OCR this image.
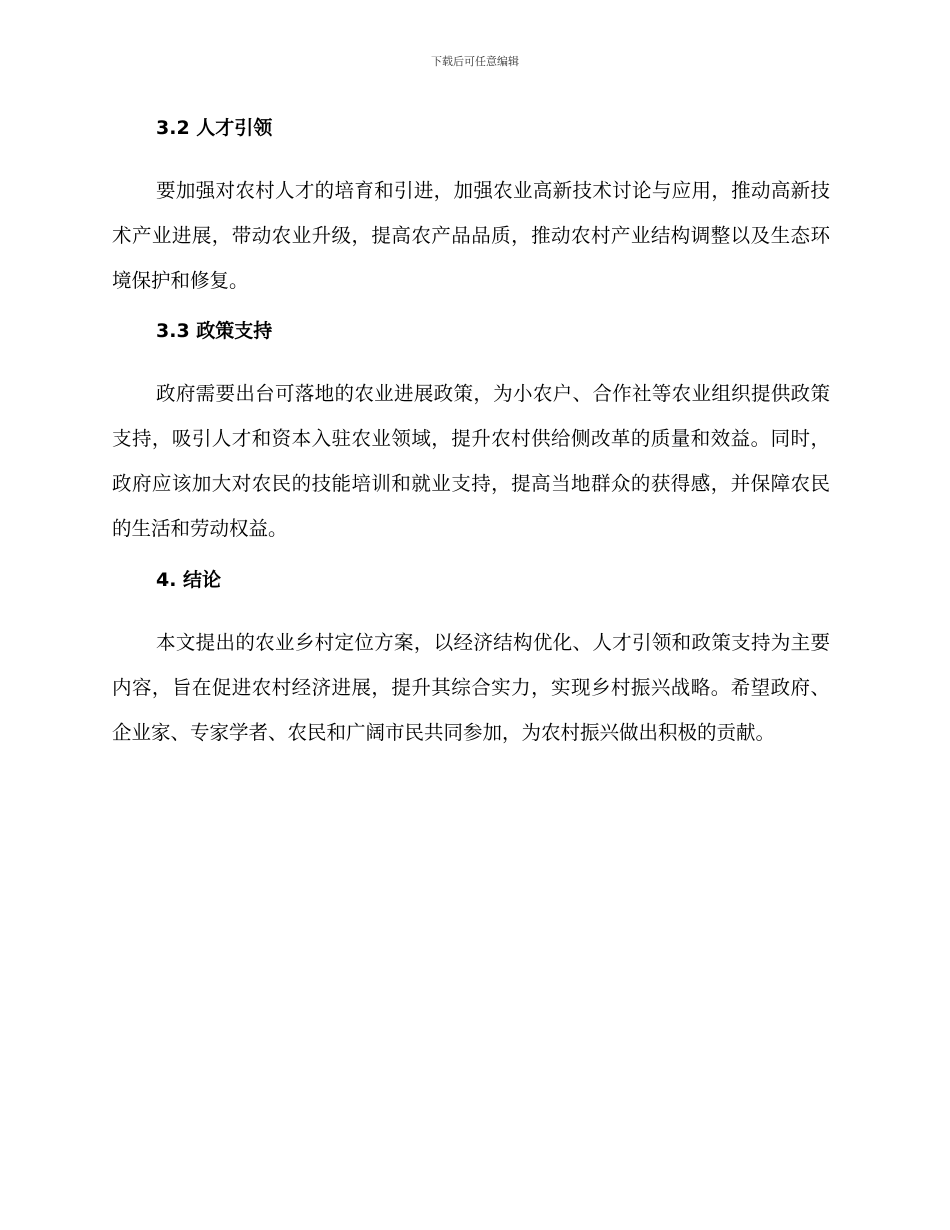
下载后可任意编辑
3.2 人才引领

要加强对农村人才的培育和引进，加强农业高新技术讨论与应用，推动高新技术产业进展，带动农业升级，提高农产品品质，推动农村产业结构调整以及生态环境保护和修复。

3.3 政策支持

政府需要出台可落地的农业进展政策，为小农户、合作社等农业组织提供政策支持，吸引人才和资本入驻农业领域，提升农村供给侧改革的质量和效益。同时，政府应该加大对农民的技能培训和就业支持，提高当地群众的获得感，并保障农民的生活和劳动权益。

4. 结论

本文提出的农业乡村定位方案，以经济结构优化、人才引领和政策支持为主要内容，旨在促进农村经济进展，提升其综合实力，实现乡村振兴战略。希望政府、企业家、专家学者、农民和广阔市民共同参加，为农村振兴做出积极的贡献。
